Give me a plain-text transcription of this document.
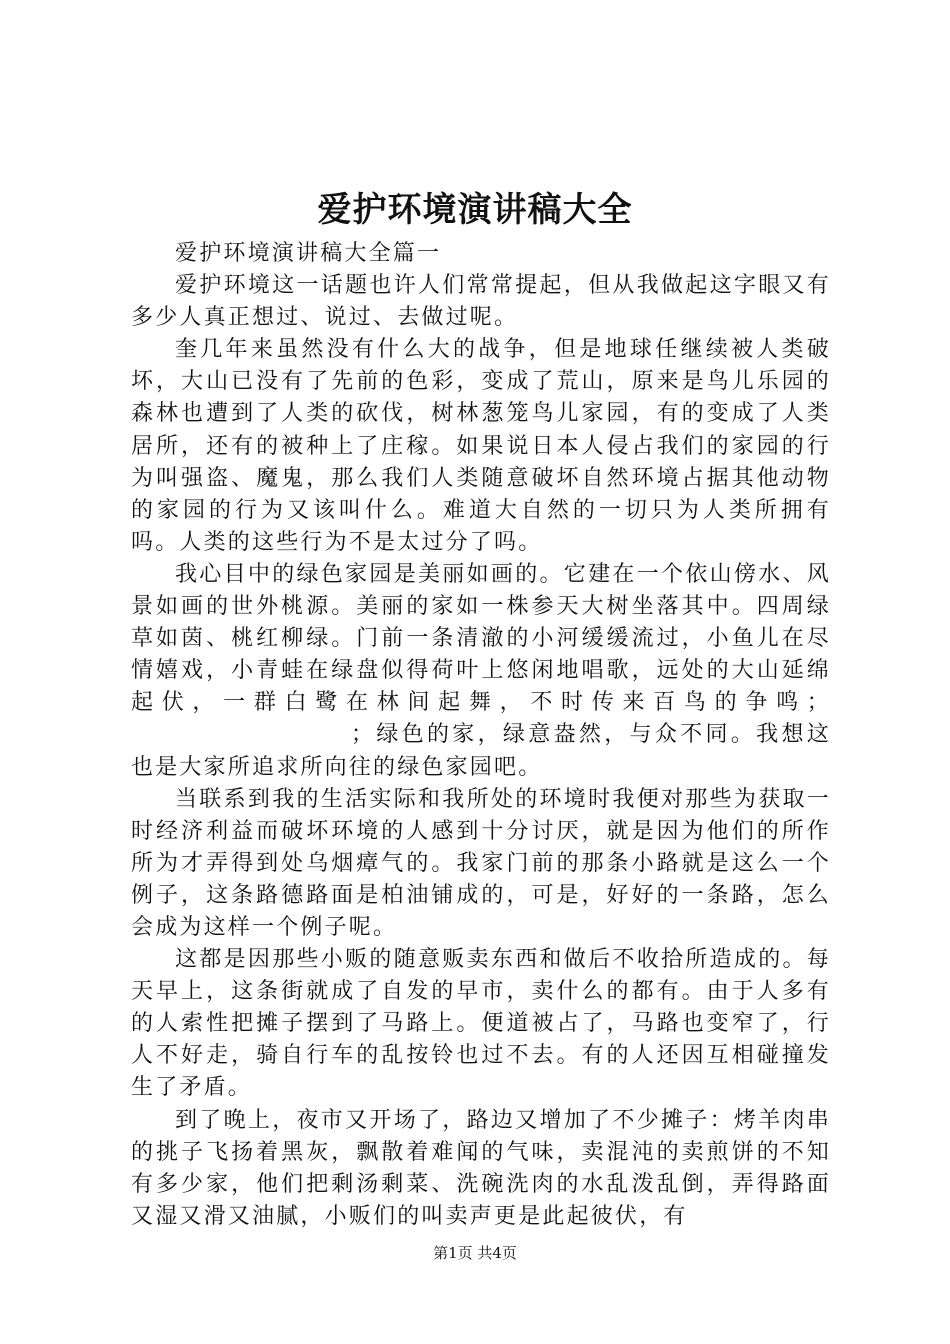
爱护环境演讲稿大全

爱护环境演讲稿大全篇一

爱护环境这一话题也许人们常常提起，但从我做起这字眼又有多少人真正想过、说过、去做过呢。

奎几年来虽然没有什么大的战争，但是地球任继续被人类破坏，大山已没有了先前的色彩，变成了荒山，原来是鸟儿乐园的森林也遭到了人类的砍伐，树林葱笼鸟儿家园，有的变成了人类居所，还有的被种上了庄稼。如果说日本人侵占我们的家园的行为叫强盗、魔鬼，那么我们人类随意破坏自然环境占据其他动物的家园的行为又该叫什么。难道大自然的一切只为人类所拥有吗。人类的这些行为不是太过分了吗。

我心目中的绿色家园是美丽如画的。它建在一个依山傍水、风景如画的世外桃源。美丽的家如一株参天大树坐落其中。四周绿草如茵、桃红柳绿。门前一条清澈的小河缓缓流过，小鱼儿在尽情嬉戏，小青蛙在绿盘似得荷叶上悠闲地唱歌，远处的大山延绵起伏，一群白鹭在林间起舞，不时传来百鸟的争鸣；；绿色的家，绿意盎然，与众不同。我想这也是大家所追求所向往的绿色家园吧。

当联系到我的生活实际和我所处的环境时我便对那些为获取一时经济利益而破坏环境的人感到十分讨厌，就是因为他们的所作所为才弄得到处乌烟瘴气的。我家门前的那条小路就是这么一个例子，这条路德路面是柏油铺成的，可是，好好的一条路，怎么会成为这样一个例子呢。

这都是因那些小贩的随意贩卖东西和做后不收拾所造成的。每天早上，这条街就成了自发的早市，卖什么的都有。由于人多有的人索性把摊子摆到了马路上。便道被占了，马路也变窄了，行人不好走，骑自行车的乱按铃也过不去。有的人还因互相碰撞发生了矛盾。

到了晚上，夜市又开场了，路边又增加了不少摊子：烤羊肉串的挑子飞扬着黑灰，飘散着难闻的气味，卖混沌的卖煎饼的不知有多少家，他们把剩汤剩菜、洗碗洗肉的水乱泼乱倒，弄得路面又湿又滑又油腻，小贩们的叫卖声更是此起彼伏，有

第1页 共4页
